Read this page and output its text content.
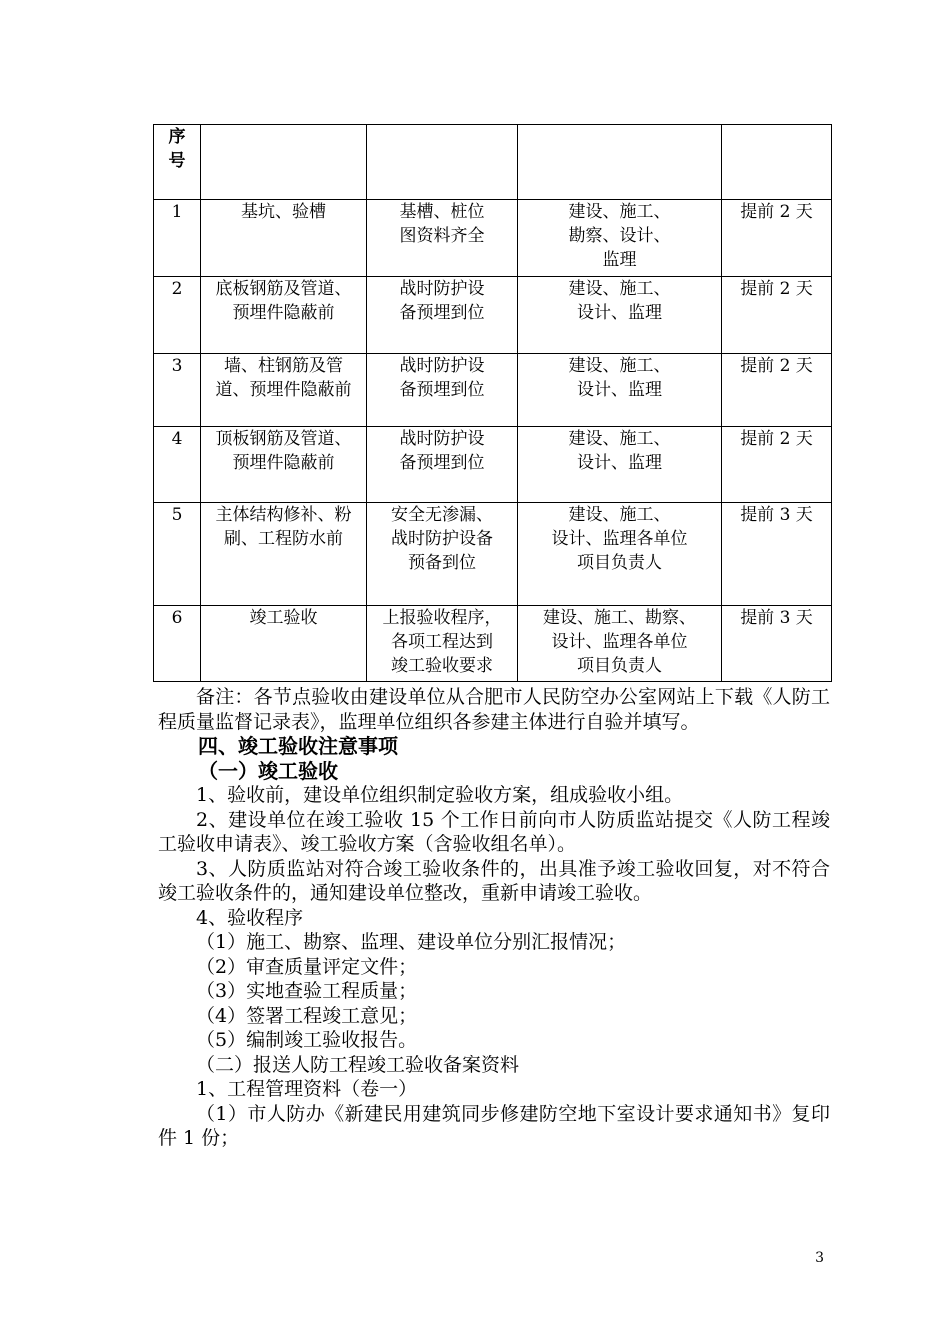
序
号				
1	基坑、验槽	基槽、桩位
图资料齐全	建设、施工、
勘察、设计、
监理	提前 2 天
2	底板钢筋及管道、
预埋件隐蔽前	战时防护设
备预埋到位	建设、施工、
设计、监理	提前 2 天
3	墙、柱钢筋及管
道、预埋件隐蔽前	战时防护设
备预埋到位	建设、施工、
设计、监理	提前 2 天
4	顶板钢筋及管道、
预埋件隐蔽前	战时防护设
备预埋到位	建设、施工、
设计、监理	提前 2 天
5	主体结构修补、粉
刷、工程防水前	安全无渗漏、
战时防护设备
预备到位	建设、施工、
设计、监理各单位
项目负责人	提前 3 天
6	竣工验收	上报验收程序，
各项工程达到
竣工验收要求	建设、施工、勘察、
设计、监理各单位
项目负责人	提前 3 天

备注：各节点验收由建设单位从合肥市人民防空办公室网站上下载《人防工程质量监督记录表》，监理单位组织各参建主体进行自验并填写。

四、竣工验收注意事项

（一）竣工验收

1、验收前，建设单位组织制定验收方案，组成验收小组。

2、建设单位在竣工验收 15 个工作日前向市人防质监站提交《人防工程竣工验收申请表》、竣工验收方案（含验收组名单）。

3、人防质监站对符合竣工验收条件的，出具准予竣工验收回复，对不符合竣工验收条件的，通知建设单位整改，重新申请竣工验收。

4、验收程序

（1）施工、勘察、监理、建设单位分别汇报情况；

（2）审查质量评定文件；

（3）实地查验工程质量；

（4）签署工程竣工意见；

（5）编制竣工验收报告。

（二）报送人防工程竣工验收备案资料

1、工程管理资料（卷一）

（1）市人防办《新建民用建筑同步修建防空地下室设计要求通知书》复印件 1 份；

3
